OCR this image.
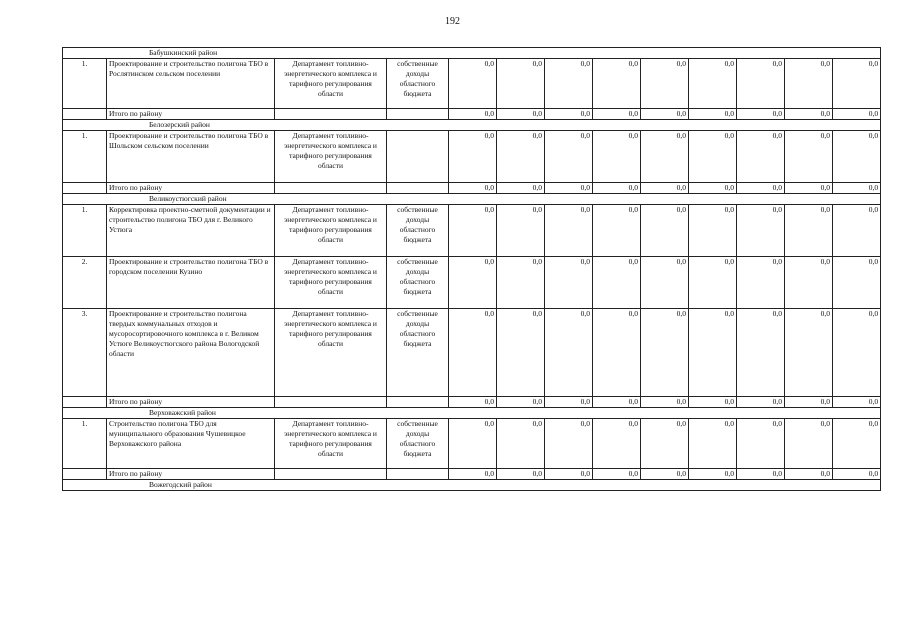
192
Бабушкинский район												
1.	Проектирование и строительство полигона ТБО в Рослятинском сельском поселении	Департамент топливно-энергетического комплекса и тарифного регулирования области	собственные доходы областного бюджета	0,0	0,0	0,0	0,0	0,0	0,0	0,0	0,0	0,0
	Итого по району			0,0	0,0	0,0	0,0	0,0	0,0	0,0	0,0	0,0
Белозерский район												
1.	Проектирование и строительство полигона ТБО в Шольском сельском поселении	Департамент топливно-энергетического комплекса и тарифного регулирования области		0,0	0,0	0,0	0,0	0,0	0,0	0,0	0,0	0,0
	Итого по району			0,0	0,0	0,0	0,0	0,0	0,0	0,0	0,0	0,0
Великоустюгский район												
1.	Корректировка проектно-сметной документации и строительство полигона ТБО для г. Великого Устюга	Департамент топливно-энергетического комплекса и тарифного регулирования области	собственные доходы областного бюджета	0,0	0,0	0,0	0,0	0,0	0,0	0,0	0,0	0,0
2.	Проектирование и строительство полигона ТБО в городском поселении Кузино	Департамент топливно-энергетического комплекса и тарифного регулирования области	собственные доходы областного бюджета	0,0	0,0	0,0	0,0	0,0	0,0	0,0	0,0	0,0
3.	Проектирование и строительство полигона твердых коммунальных отходов и мусоросортировочного комплекса в г. Великом Устюге Великоустюгского района Вологодской области	Департамент топливно-энергетического комплекса и тарифного регулирования области	собственные доходы областного бюджета	0,0	0,0	0,0	0,0	0,0	0,0	0,0	0,0	0,0
	Итого по району			0,0	0,0	0,0	0,0	0,0	0,0	0,0	0,0	0,0
Верховажский район												
1.	Строительство полигона ТБО для муниципального образования Чушевицкое Верховажского района	Департамент топливно-энергетического комплекса и тарифного регулирования области	собственные доходы областного бюджета	0,0	0,0	0,0	0,0	0,0	0,0	0,0	0,0	0,0
	Итого по району			0,0	0,0	0,0	0,0	0,0	0,0	0,0	0,0	0,0
Вожегодский район												
